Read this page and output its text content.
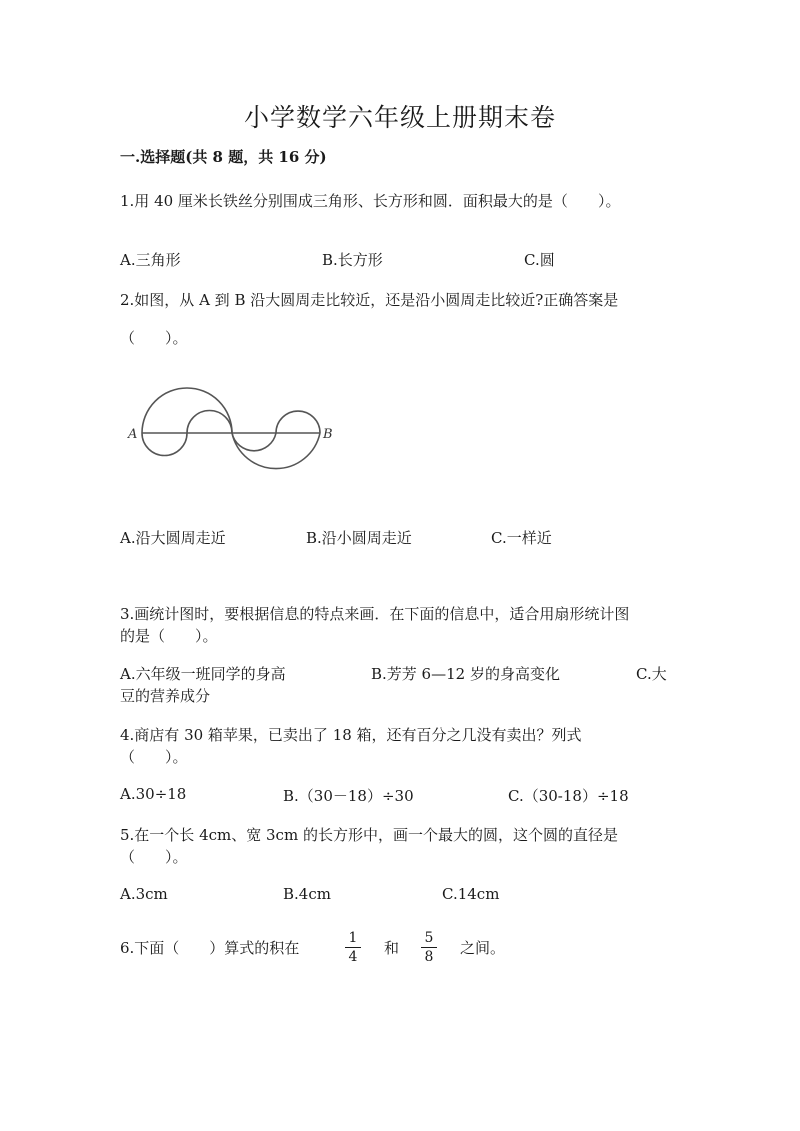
小学数学六年级上册期末卷
一.选择题(共 8 题，共 16 分)
1.用 40 厘米长铁丝分别围成三角形、长方形和圆．面积最大的是（　　）。
A.三角形	B.长方形	C.圆
2.如图，从 A 到 B 沿大圆周走比较近，还是沿小圆周走比较近?正确答案是
（　　）。
A	B
A.沿大圆周走近	B.沿小圆周走近	C.一样近
3.画统计图时，要根据信息的特点来画．在下面的信息中，适合用扇形统计图
的是（　　）。
A.六年级一班同学的身高	B.芳芳 6—12 岁的身高变化	C.大
豆的营养成分
4.商店有 30 箱苹果，已卖出了 18 箱，还有百分之几没有卖出？列式
（　　）。
A.30÷18	B.（30－18）÷30	C.（30-18）÷18
5.在一个长 4cm、宽 3cm 的长方形中，画一个最大的圆，这个圆的直径是
（　　）。
A.3cm	B.4cm	C.14cm
6.下面（　　）算式的积在
1
4 和
5
8 之间。
